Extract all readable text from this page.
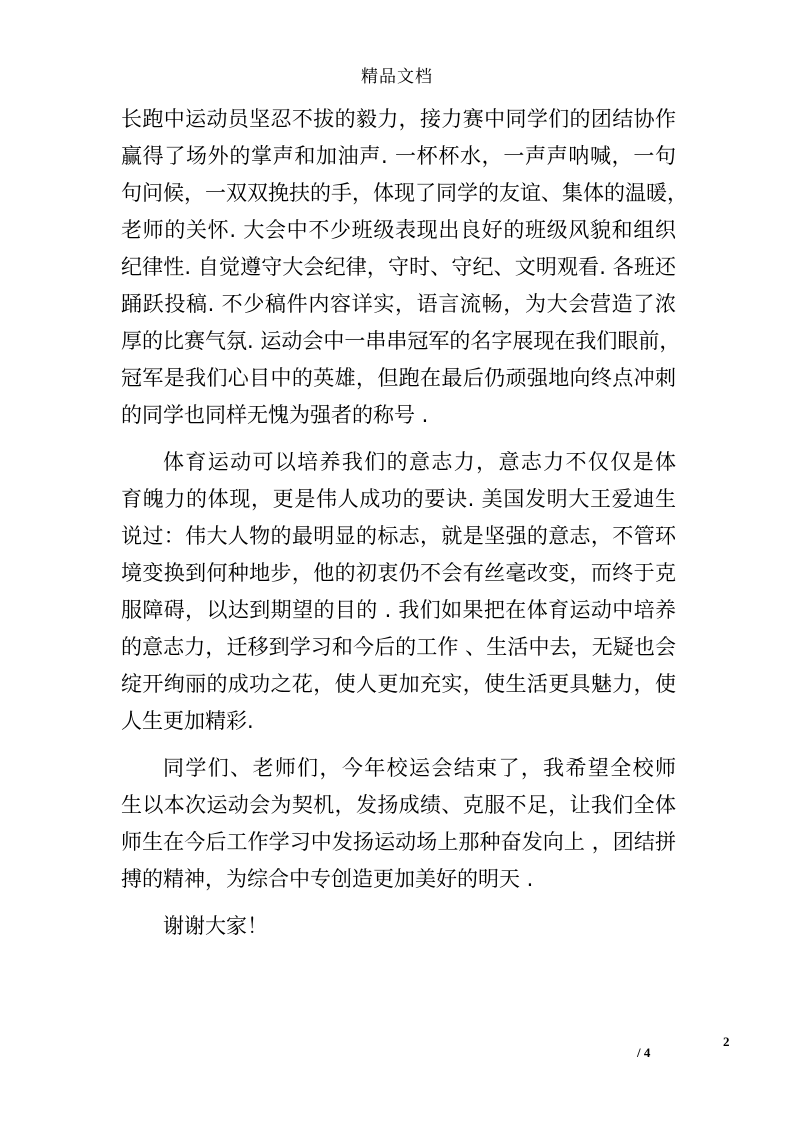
精品文档
长跑中运动员坚忍不拔的毅力，接力赛中同学们的团结协作
赢得了场外的掌声和加油声. 一杯杯水，一声声呐喊，一句
句问候，一双双挽扶的手，体现了同学的友谊、集体的温暖，
老师的关怀. 大会中不少班级表现出良好的班级风貌和组织
纪律性. 自觉遵守大会纪律，守时、守纪、文明观看. 各班还
踊跃投稿. 不少稿件内容详实，语言流畅，为大会营造了浓
厚的比赛气氛. 运动会中一串串冠军的名字展现在我们眼前，
冠军是我们心目中的英雄，但跑在最后仍顽强地向终点冲刺
的同学也同样无愧为强者的称号 .
体育运动可以培养我们的意志力，意志力不仅仅是体
育魄力的体现，更是伟人成功的要诀. 美国发明大王爱迪生
说过：伟大人物的最明显的标志，就是坚强的意志，不管环
境变换到何种地步，他的初衷仍不会有丝毫改变，而终于克
服障碍，以达到期望的目的 . 我们如果把在体育运动中培养
的意志力，迁移到学习和今后的工作 、生活中去，无疑也会
绽开绚丽的成功之花，使人更加充实，使生活更具魅力，使
人生更加精彩.
同学们、老师们，今年校运会结束了，我希望全校师
生以本次运动会为契机，发扬成绩、克服不足，让我们全体
师生在今后工作学习中发扬运动场上那种奋发向上 ，团结拼
搏的精神，为综合中专创造更加美好的明天 .
谢谢大家！
2
/ 4
